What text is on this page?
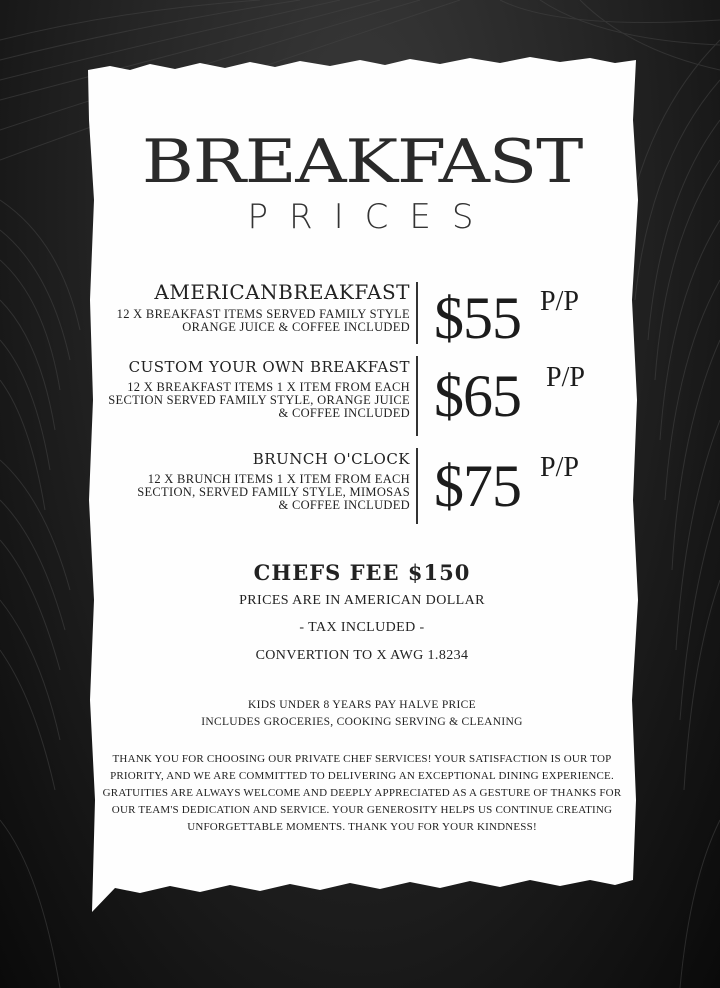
BREAKFAST
PRICES
AMERICANBREAKFAST
12 X BREAKFAST ITEMS SERVED FAMILY STYLE
ORANGE JUICE & COFFEE INCLUDED $55 P/P
CUSTOM YOUR OWN BREAKFAST
12 X BREAKFAST ITEMS 1 X ITEM FROM EACH
SECTION SERVED FAMILY STYLE, ORANGE JUICE
& COFFEE INCLUDED $65 P/P
BRUNCH O'CLOCK
12 X BRUNCH ITEMS 1 X ITEM FROM EACH
SECTION, SERVED FAMILY STYLE, MIMOSAS
& COFFEE INCLUDED $75 P/P
CHEFS FEE $150
PRICES ARE IN AMERICAN DOLLAR
- TAX INCLUDED -
CONVERTION TO X AWG 1.8234
KIDS UNDER 8 YEARS PAY HALVE PRICE
INCLUDES GROCERIES, COOKING SERVING & CLEANING
THANK YOU FOR CHOOSING OUR PRIVATE CHEF SERVICES! YOUR SATISFACTION IS OUR TOP PRIORITY, AND WE ARE COMMITTED TO DELIVERING AN EXCEPTIONAL DINING EXPERIENCE. GRATUITIES ARE ALWAYS WELCOME AND DEEPLY APPRECIATED AS A GESTURE OF THANKS FOR OUR TEAM'S DEDICATION AND SERVICE. YOUR GENEROSITY HELPS US CONTINUE CREATING UNFORGETTABLE MOMENTS. THANK YOU FOR YOUR KINDNESS!
